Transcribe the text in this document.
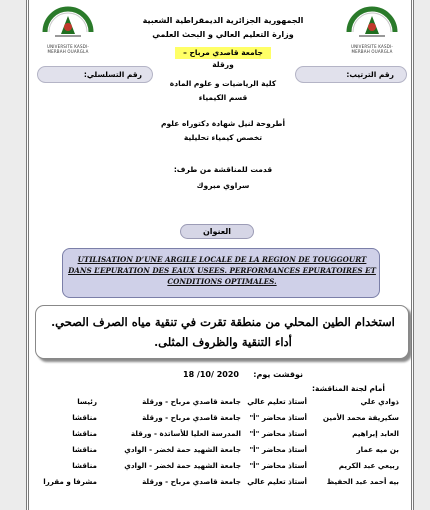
UNIVERSITE KASDI-MERBAH OUARGLA
UNIVERSITE KASDI-MERBAH OUARGLA
الجمهورية الجزائرية الديمقراطية الشعبية
وزارة التعليم العالي و البحث العلمي
جامعة قاصدي مرباح – ورقلة
رقم التسلسلي:	رقم الترتيب:
كلية الرياضيات و علوم المادة
قسم الكيمياء
أطروحة لنيل شهادة دكتوراه علوم
تخصص كيمياء تحليلية
قدمت للمناقشة من طرف:
سراوي مبروك
العنوان
UTILISATION D’UNE ARGILE LOCALE DE LA REGION DE TOUGGOURT DANS L’EPURATION DES EAUX USEES. PERFORMANCES EPURATOIRES ET CONDITIONS OPTIMALES.
استخدام الطين المحلي من منطقة تقرت في تنقية مياه الصرف الصحي.
أداء التنقية والظروف المثلى.
نوقشت يوم:
2020 /10/ 18
أمام لجنة المناقشة:
ذوادي علي
أستاذ تعليم عالي
جامعة قاصدي مرباح - ورقلة
رئيسا
سكيريفة محمد الأمين
أستاذ محاضر "أ"
جامعة قاصدي مرباح - ورقلة
مناقشا
العابد إبراهيم
أستاذ محاضر "أ"
المدرسة العليا للأساتذة - ورقلة
مناقشا
بن ميه عمار
أستاذ محاضر "أ"
جامعة الشهيد حمة لخضر - الوادي
مناقشا
ربيعي عبد الكريم
أستاذ محاضر "أ"
جامعة الشهيد حمة لخضر - الوادي
مناقشا
بيه أحمد عبد الحفيظ
أستاذ تعليم عالي
جامعة قاصدي مرباح - ورقلة
مشرفا و مقررا
